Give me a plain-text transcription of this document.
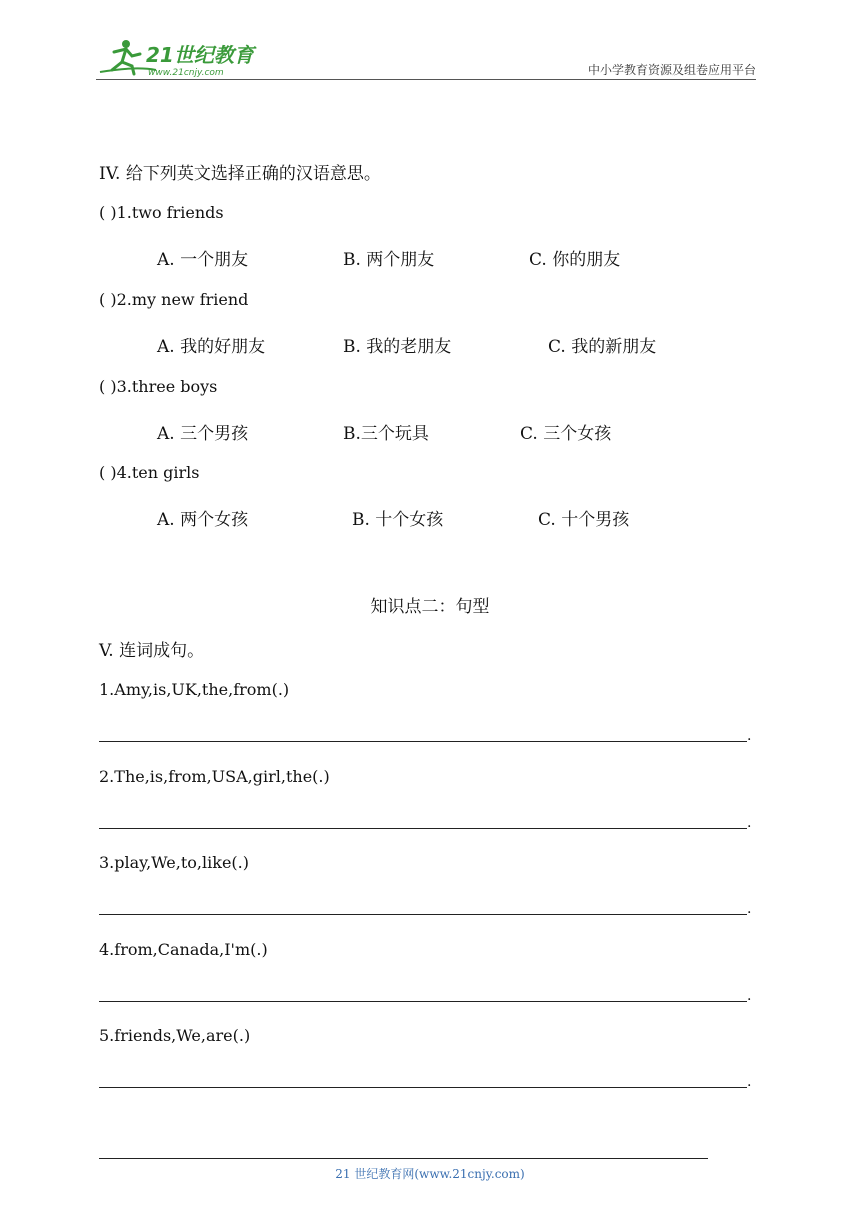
21世纪教育
www.21cnjy.com	中小学教育资源及组卷应用平台
IV. 给下列英文选择正确的汉语意思。
( )1.two friends
A. 一个朋友	B. 两个朋友	C. 你的朋友
( )2.my new friend
A. 我的好朋友	B. 我的老朋友	C. 我的新朋友
( )3.three boys
A. 三个男孩	B.三个玩具	C. 三个女孩
( )4.ten girls
A. 两个女孩	B. 十个女孩	C. 十个男孩
知识点二：句型
V. 连词成句。
1.Amy,is,UK,the,from(.)
.
2.The,is,from,USA,girl,the(.)
.
3.play,We,to,like(.)
.
4.from,Canada,I'm(.)
.
5.friends,We,are(.)
.
21 世纪教育网(www.21cnjy.com)
